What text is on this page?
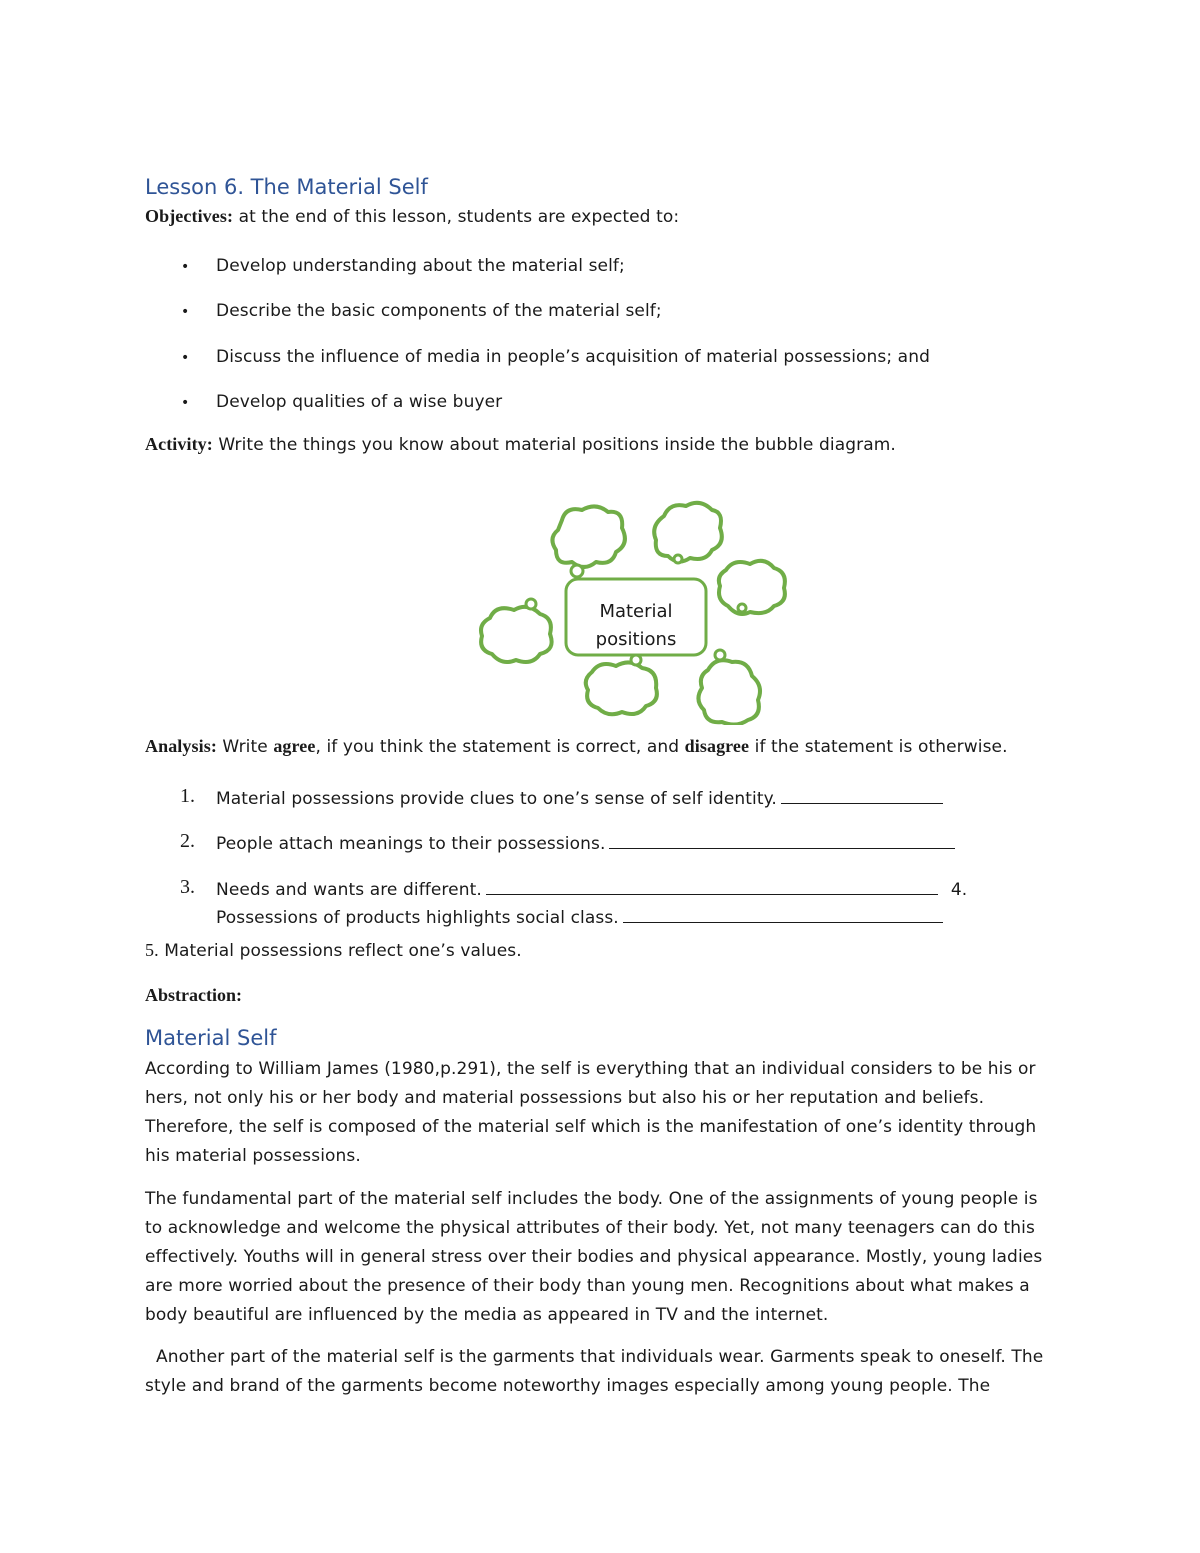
Lesson 6. The Material Self
Objectives: at the end of this lesson, students are expected to:
• Develop understanding about the material self;
• Describe the basic components of the material self;
• Discuss the influence of media in people’s acquisition of material possessions; and
• Develop qualities of a wise buyer
Activity: Write the things you know about material positions inside the bubble diagram.
Material
positions
Analysis: Write agree, if you think the statement is correct, and disagree if the statement is otherwise.
1. Material possessions provide clues to one’s sense of self identity.
2. People attach meanings to their possessions.
3. Needs and wants are different.	4.
Possessions of products highlights social class.
5. Material possessions reflect one’s values.
Abstraction:
Material Self
According to William James (1980,p.291), the self is everything that an individual considers to be his or
hers, not only his or her body and material possessions but also his or her reputation and beliefs.
Therefore, the self is composed of the material self which is the manifestation of one’s identity through
his material possessions.
The fundamental part of the material self includes the body. One of the assignments of young people is
to acknowledge and welcome the physical attributes of their body. Yet, not many teenagers can do this
effectively. Youths will in general stress over their bodies and physical appearance. Mostly, young ladies
are more worried about the presence of their body than young men. Recognitions about what makes a
body beautiful are influenced by the media as appeared in TV and the internet.
Another part of the material self is the garments that individuals wear. Garments speak to oneself. The
style and brand of the garments become noteworthy images especially among young people. The
